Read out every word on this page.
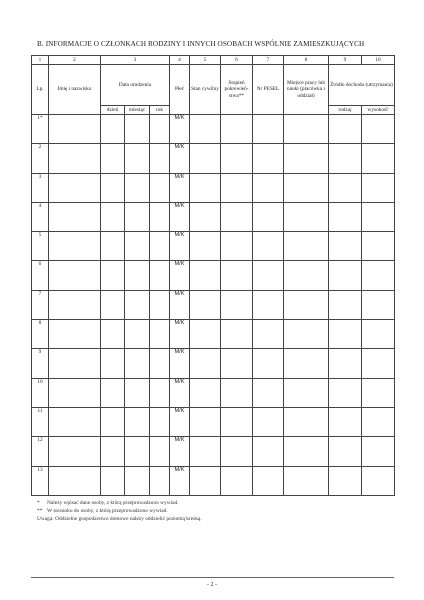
B. INFORMACJE O CZŁONKACH RODZINY I INNYCH OSOBACH WSPÓLNIE ZAMIESZKUJĄCYCH
1	2	3			4	5	6	7	8	9	10
Lp.	Imię i nazwisko	Data urodzenia			Płeć	Stan cywilny	Stopień pokrewień-stwa**	Nr PESEL	Miejsce pracy lub nauki (placówka i oddział)	Źródło dochodu (utrzymania)	
		dzień	miesiąc	rok						rodzaj	wysokość
1*					M/K						
2					M/K						
3					M/K						
4					M/K						
5					M/K						
6					M/K						
7					M/K						
8					M/K						
9					M/K						
10					M/K						
11					M/K						
12					M/K						
13					M/K						
* Należy wpisać dane osoby, z którą przeprowadzono wywiad.
** W stosunku do osoby, z którą przeprowadzono wywiad.
Uwaga: Oddzielne gospodarstwo domowe należy oddzielić poziomą kreską.
- 2 -
